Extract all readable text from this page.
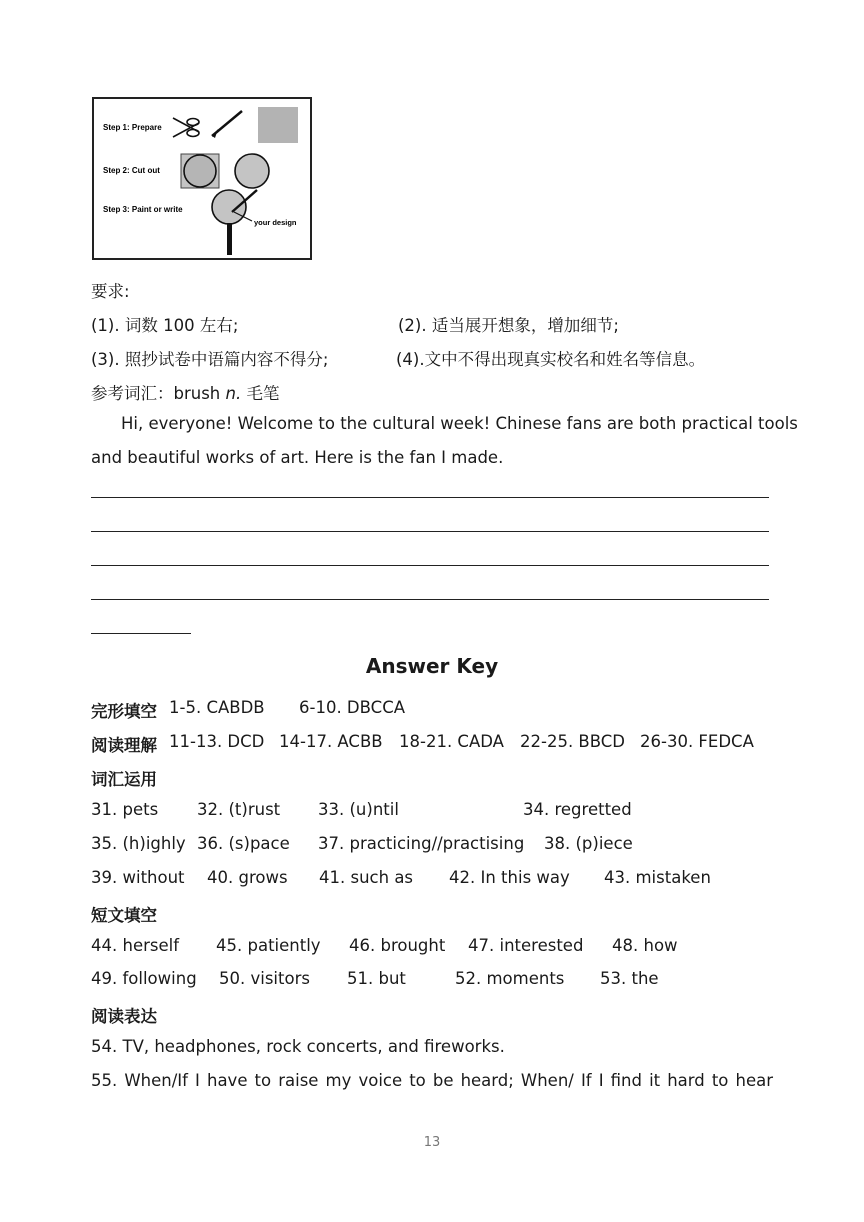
Step 1: Prepare
Step 2: Cut out
Step 3: Paint or write
your design
要求:
(1). 词数 100 左右;	(2). 适当展开想象，增加细节;
(3). 照抄试卷中语篇内容不得分;	(4).文中不得出现真实校名和姓名等信息。
参考词汇：brush n. 毛笔
Hi, everyone! Welcome to the cultural week! Chinese fans are both practical tools
and beautiful works of art. Here is the fan I made.
Answer Key
完形填空 1-5. CABDB 6-10. DBCCA
阅读理解 11-13. DCD 14-17. ACBB 18-21. CADA 22-25. BBCD 26-30. FEDCA
词汇运用
31. pets 32. (t)rust 33. (u)ntil	34. regretted
35. (h)ighly 36. (s)pace 37. practicing//practising 38. (p)iece
39. without 40. grows 41. such as 42. In this way 43. mistaken
短文填空
44. herself 45. patiently 46. brought 47. interested 48. how
49. following 50. visitors 51. but	52. moments 53. the
阅读表达
54. TV, headphones, rock concerts, and fireworks.
55. When/If I have to raise my voice to be heard; When/ If I find it hard to hear
13
